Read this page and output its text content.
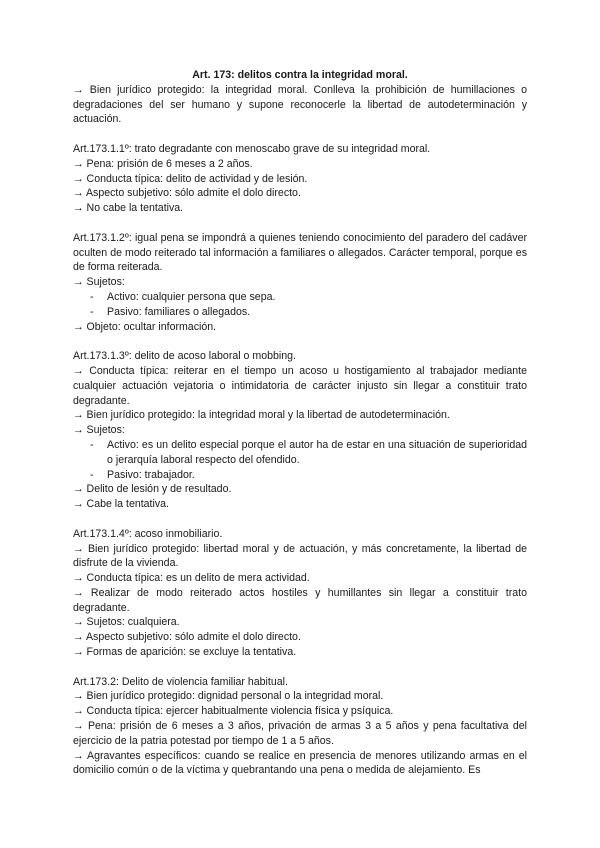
Art. 173: delitos contra la integridad moral.

→ Bien jurídico protegido: la integridad moral. Conlleva la prohibición de humillaciones o degradaciones del ser humano y supone reconocerle la libertad de autodeterminación y actuación.

Art.173.1.1º: trato degradante con menoscabo grave de su integridad moral.

→ Pena: prisión de 6 meses a 2 años.

→ Conducta típica: delito de actividad y de lesión.

→ Aspecto subjetivo: sólo admite el dolo directo.

→ No cabe la tentativa.

Art.173.1.2º: igual pena se impondrá a quienes teniendo conocimiento del paradero del cadáver oculten de modo reiterado tal información a familiares o allegados. Carácter temporal, porque es de forma reiterada.

→ Sujetos:

- Activo: cualquier persona que sepa.
- Pasivo: familiares o allegados.

→ Objeto: ocultar información.

Art.173.1.3º: delito de acoso laboral o mobbing.

→ Conducta típica: reiterar en el tiempo un acoso u hostigamiento al trabajador mediante cualquier actuación vejatoria o intimidatoria de carácter injusto sin llegar a constituir trato degradante.

→ Bien jurídico protegido: la integridad moral y la libertad de autodeterminación.

→ Sujetos:

- Activo: es un delito especial porque el autor ha de estar en una situación de superioridad o jerarquía laboral respecto del ofendido.
- Pasivo: trabajador.

→ Delito de lesión y de resultado.

→ Cabe la tentativa.

Art.173.1.4º: acoso inmobiliario.

→ Bien jurídico protegido: libertad moral y de actuación, y más concretamente, la libertad de disfrute de la vivienda.

→ Conducta típica: es un delito de mera actividad.

→ Realizar de modo reiterado actos hostiles y humillantes sin llegar a constituir trato degradante.

→ Sujetos: cualquiera.

→ Aspecto subjetivo: sólo admite el dolo directo.

→ Formas de aparición: se excluye la tentativa.

Art.173.2: Delito de violencia familiar habitual.

→ Bien jurídico protegido: dignidad personal o la integridad moral.

→ Conducta típica: ejercer habitualmente violencia física y psíquica.

→ Pena: prisión de 6 meses a 3 años, privación de armas 3 a 5 años y pena facultativa del ejercicio de la patria potestad por tiempo de 1 a 5 años.

→ Agravantes específicos: cuando se realice en presencia de menores utilizando armas en el domicilio común o de la víctima y quebrantando una pena o medida de alejamiento. Es
